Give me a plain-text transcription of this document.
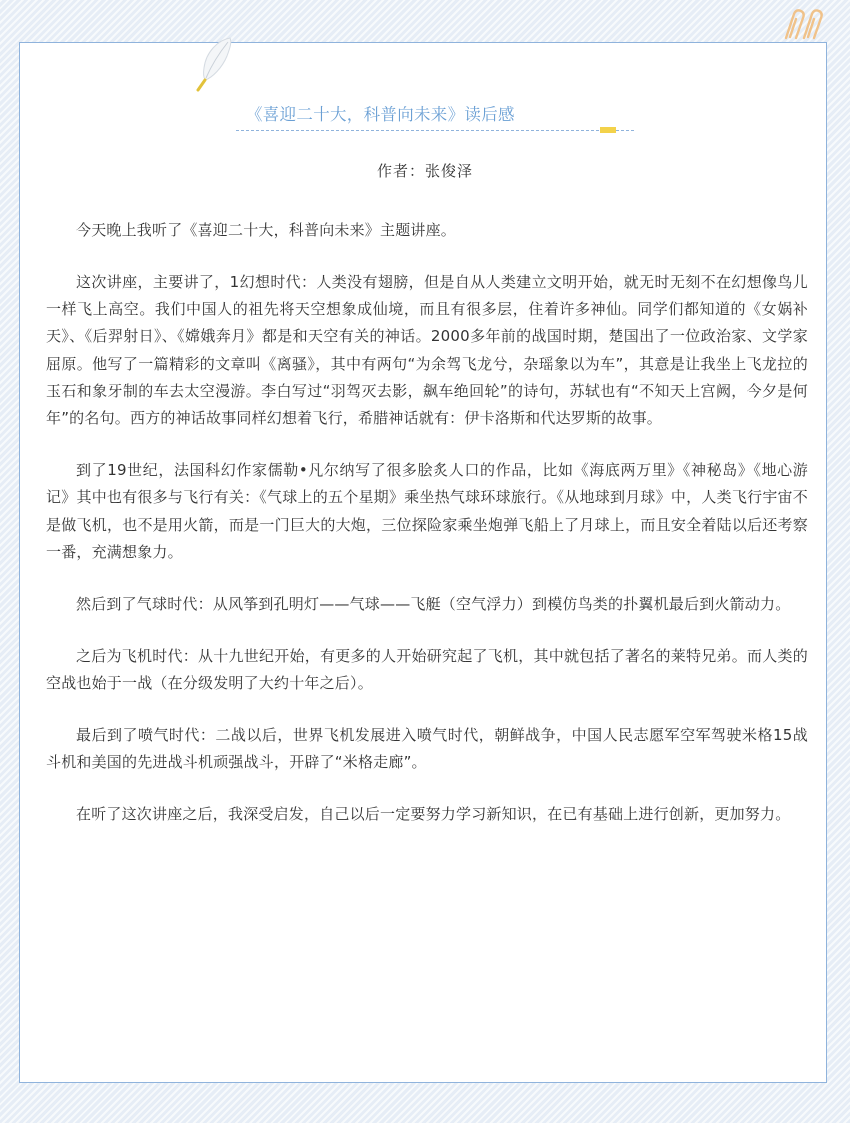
《喜迎二十大，科普向未来》读后感
作者：张俊泽

今天晚上我听了《喜迎二十大，科普向未来》主题讲座。

这次讲座，主要讲了，1幻想时代：人类没有翅膀，但是自从人类建立文明开始，就无时无刻不在幻想像鸟儿一样飞上高空。我们中国人的祖先将天空想象成仙境，而且有很多层，住着许多神仙。同学们都知道的《女娲补天》、《后羿射日》、《嫦娥奔月》都是和天空有关的神话。2000多年前的战国时期，楚国出了一位政治家、文学家屈原。他写了一篇精彩的文章叫《离骚》，其中有两句“为余驾飞龙兮，杂瑶象以为车”，其意是让我坐上飞龙拉的玉石和象牙制的车去太空漫游。李白写过“羽驾灭去影，飙车绝回轮”的诗句，苏轼也有“不知天上宫阙，今夕是何年”的名句。西方的神话故事同样幻想着飞行，希腊神话就有：伊卡洛斯和代达罗斯的故事。

到了19世纪，法国科幻作家儒勒•凡尔纳写了很多脍炙人口的作品，比如《海底两万里》《神秘岛》《地心游记》其中也有很多与飞行有关：《气球上的五个星期》乘坐热气球环球旅行。《从地球到月球》中，人类飞行宇宙不是做飞机，也不是用火箭，而是一门巨大的大炮，三位探险家乘坐炮弹飞船上了月球上，而且安全着陆以后还考察一番，充满想象力。

然后到了气球时代：从风筝到孔明灯——气球——飞艇（空气浮力）到模仿鸟类的扑翼机最后到火箭动力。

之后为飞机时代：从十九世纪开始，有更多的人开始研究起了飞机，其中就包括了著名的莱特兄弟。而人类的空战也始于一战（在分级发明了大约十年之后）。

最后到了喷气时代：二战以后，世界飞机发展进入喷气时代，朝鲜战争，中国人民志愿军空军驾驶米格15战斗机和美国的先进战斗机顽强战斗，开辟了“米格走廊”。

在听了这次讲座之后，我深受启发，自己以后一定要努力学习新知识，在已有基础上进行创新，更加努力。
